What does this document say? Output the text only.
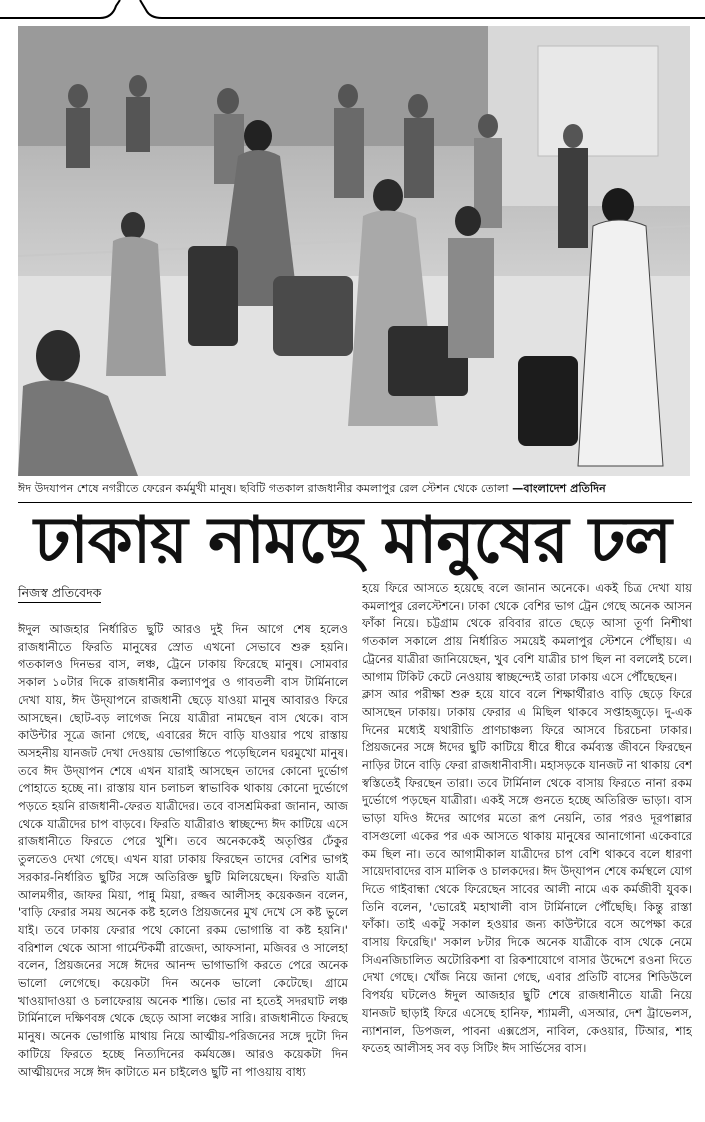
ঈদ উদযাপন শেষে নগরীতে ফেরেন কর্মমুখী মানুষ। ছবিটি গতকাল রাজধানীর কমলাপুর রেল স্টেশন থেকে তোলা —বাংলাদেশ প্রতিদিন
ঢাকায় নামছে মানুষের ঢল
নিজস্ব প্রতিবেদক

ঈদুল আজহার নির্ধারিত ছুটি আরও দুই দিন আগে শেষ হলেও রাজধানীতে ফিরতি মানুষের স্রোত এখনো সেভাবে শুরু হয়নি। গতকালও দিনভর বাস, লঞ্চ, ট্রেনে ঢাকায় ফিরেছে মানুষ। সোমবার সকাল ১০টার দিকে রাজধানীর কল্যাণপুর ও গাবতলী বাস টার্মিনালে দেখা যায়, ঈদ উদ্‌যাপনে রাজধানী ছেড়ে যাওয়া মানুষ আবারও ফিরে আসছেন। ছোট-বড় লাগেজ নিয়ে যাত্রীরা নামছেন বাস থেকে। বাস কাউন্টার সূত্রে জানা গেছে, এবারের ঈদে বাড়ি যাওয়ার পথে রাস্তায় অসহনীয় যানজট দেখা দেওয়ায় ভোগান্তিতে পড়েছিলেন ঘরমুখো মানুষ। তবে ঈদ উদ্‌যাপন শেষে এখন যারাই আসছেন তাদের কোনো দুর্ভোগ পোহাতে হচ্ছে না। রাস্তায় যান চলাচল স্বাভাবিক থাকায় কোনো দুর্ভোগে পড়তে হয়নি রাজধানী-ফেরত যাত্রীদের। তবে বাসশ্রমিকরা জানান, আজ থেকে যাত্রীদের চাপ বাড়বে। ফিরতি যাত্রীরাও স্বাচ্ছন্দ্যে ঈদ কাটিয়ে এসে রাজধানীতে ফিরতে পেরে খুশি। তবে অনেককেই অতৃপ্তির ঢেঁকুর তুলতেও দেখা গেছে। এখন যারা ঢাকায় ফিরছেন তাদের বেশির ভাগই সরকার-নির্ধারিত ছুটির সঙ্গে অতিরিক্ত ছুটি মিলিয়েছেন। ফিরতি যাত্রী আলমগীর, জাফর মিয়া, পান্নু মিয়া, রজ্জব আলীসহ কয়েকজন বলেন, 'বাড়ি ফেরার সময় অনেক কষ্ট হলেও প্রিয়জনের মুখ দেখে সে কষ্ট ভুলে যাই। তবে ঢাকায় ফেরার পথে কোনো রকম ভোগান্তি বা কষ্ট হয়নি।' বরিশাল থেকে আসা গার্মেন্টকর্মী রাজেদা, আফসানা, মজিবর ও সালেহা বলেন, প্রিয়জনের সঙ্গে ঈদের আনন্দ ভাগাভাগি করতে পেরে অনেক ভালো লেগেছে। কয়েকটা দিন অনেক ভালো কেটেছে। গ্রামে খাওয়াদাওয়া ও চলাফেরায় অনেক শান্তি। ভোর না হতেই সদরঘাট লঞ্চ টার্মিনালে দক্ষিণবঙ্গ থেকে ছেড়ে আসা লঞ্চের সারি। রাজধানীতে ফিরছে মানুষ। অনেক ভোগান্তি মাথায় নিয়ে আত্মীয়-পরিজনের সঙ্গে দুটো দিন কাটিয়ে ফিরতে হচ্ছে নিত্যদিনের কর্মযজ্ঞে। আরও কয়েকটা দিন আত্মীয়দের সঙ্গে ঈদ কাটাতে মন চাইলেও ছুটি না পাওয়ায় বাধ্য

হয়ে ফিরে আসতে হয়েছে বলে জানান অনেকে। একই চিত্র দেখা যায় কমলাপুর রেলস্টেশনে। ঢাকা থেকে বেশির ভাগ ট্রেন গেছে অনেক আসন ফাঁকা নিয়ে। চট্টগ্রাম থেকে রবিবার রাতে ছেড়ে আসা তূর্ণা নিশীথা গতকাল সকালে প্রায় নির্ধারিত সময়েই কমলাপুর স্টেশনে পৌঁছায়। এ ট্রেনের যাত্রীরা জানিয়েছেন, খুব বেশি যাত্রীর চাপ ছিল না বললেই চলে। আগাম টিকিট কেটে নেওয়ায় স্বাচ্ছন্দ্যেই তারা ঢাকায় এসে পৌঁছেছেন।

ক্লাস আর পরীক্ষা শুরু হয়ে যাবে বলে শিক্ষার্থীরাও বাড়ি ছেড়ে ফিরে আসছেন ঢাকায়। ঢাকায় ফেরার এ মিছিল থাকবে সপ্তাহজুড়ে। দু-এক দিনের মধ্যেই যথারীতি প্রাণচাঞ্চল্য ফিরে আসবে চিরচেনা ঢাকার। প্রিয়জনের সঙ্গে ঈদের ছুটি কাটিয়ে ধীরে ধীরে কর্মব্যস্ত জীবনে ফিরছেন নাড়ির টানে বাড়ি ফেরা রাজধানীবাসী। মহাসড়কে যানজট না থাকায় বেশ স্বস্তিতেই ফিরছেন তারা। তবে টার্মিনাল থেকে বাসায় ফিরতে নানা রকম দুর্ভোগে পড়ছেন যাত্রীরা। একই সঙ্গে গুনতে হচ্ছে অতিরিক্ত ভাড়া। বাস ভাড়া যদিও ঈদের আগের মতো রূপ নেয়নি, তার পরও দূরপাল্লার বাসগুলো একের পর এক আসতে থাকায় মানুষের আনাগোনা একেবারে কম ছিল না। তবে আগামীকাল যাত্রীদের চাপ বেশি থাকবে বলে ধারণা সায়েদাবাদের বাস মালিক ও চালকদের। ঈদ উদ্‌যাপন শেষে কর্মস্থলে যোগ দিতে গাইবান্ধা থেকে ফিরেছেন সাবের আলী নামে এক কর্মজীবী যুবক। তিনি বলেন, 'ভোরেই মহাখালী বাস টার্মিনালে পৌঁছেছি। কিন্তু রাস্তা ফাঁকা। তাই একটু সকাল হওয়ার জন্য কাউন্টারে বসে অপেক্ষা করে বাসায় ফিরেছি।' সকাল ৮টার দিকে অনেক যাত্রীকে বাস থেকে নেমে সিএনজিচালিত অটোরিকশা বা রিকশাযোগে বাসার উদ্দেশে রওনা দিতে দেখা গেছে। খোঁজ নিয়ে জানা গেছে, এবার প্রতিটি বাসের শিডিউলে বিপর্যয় ঘটলেও ঈদুল আজহার ছুটি শেষে রাজধানীতে যাত্রী নিয়ে যানজট ছাড়াই ফিরে এসেছে হানিফ, শ্যামলী, এসআর, দেশ ট্রাভেলস, ন্যাশনাল, ডিপজল, পাবনা এক্সপ্রেস, নাবিল, কেওয়ার, টিআর, শাহ ফতেহ আলীসহ সব বড় সিটিং ঈদ সার্ভিসের বাস।
